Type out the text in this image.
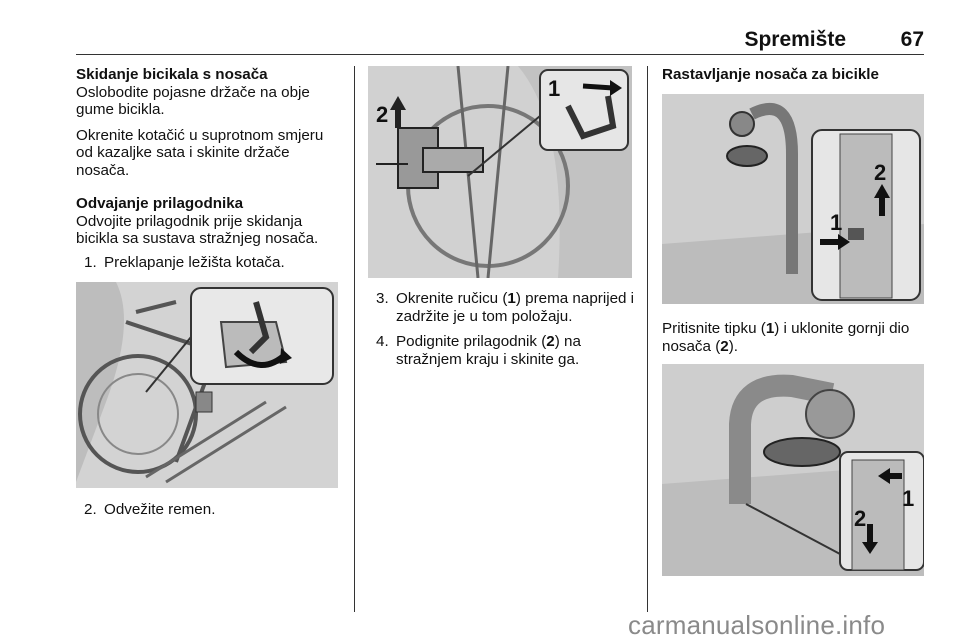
Spremište	67
Skidanje bicikala s nosača

Oslobodite pojasne držače na obje gume bicikla.

Okrenite kotačić u suprotnom smjeru od kazaljke sata i skinite držače nosača.

Odvajanje prilagodnika

Odvojite prilagodnik prije skidanja bicikla sa sustava stražnjeg nosača.

1. Preklapanje ležišta kotača.
2. Odvežite remen.
2
1
3. Okrenite ručicu (1) prema naprijed i zadržite je u tom položaju.
4. Podignite prilagodnik (2) na stražnjem kraju i skinite ga.
Rastavljanje nosača za bicikle
2
1

Pritisnite tipku (1) i uklonite gornji dio nosača (2).

2
1
carmanualsonline.info
